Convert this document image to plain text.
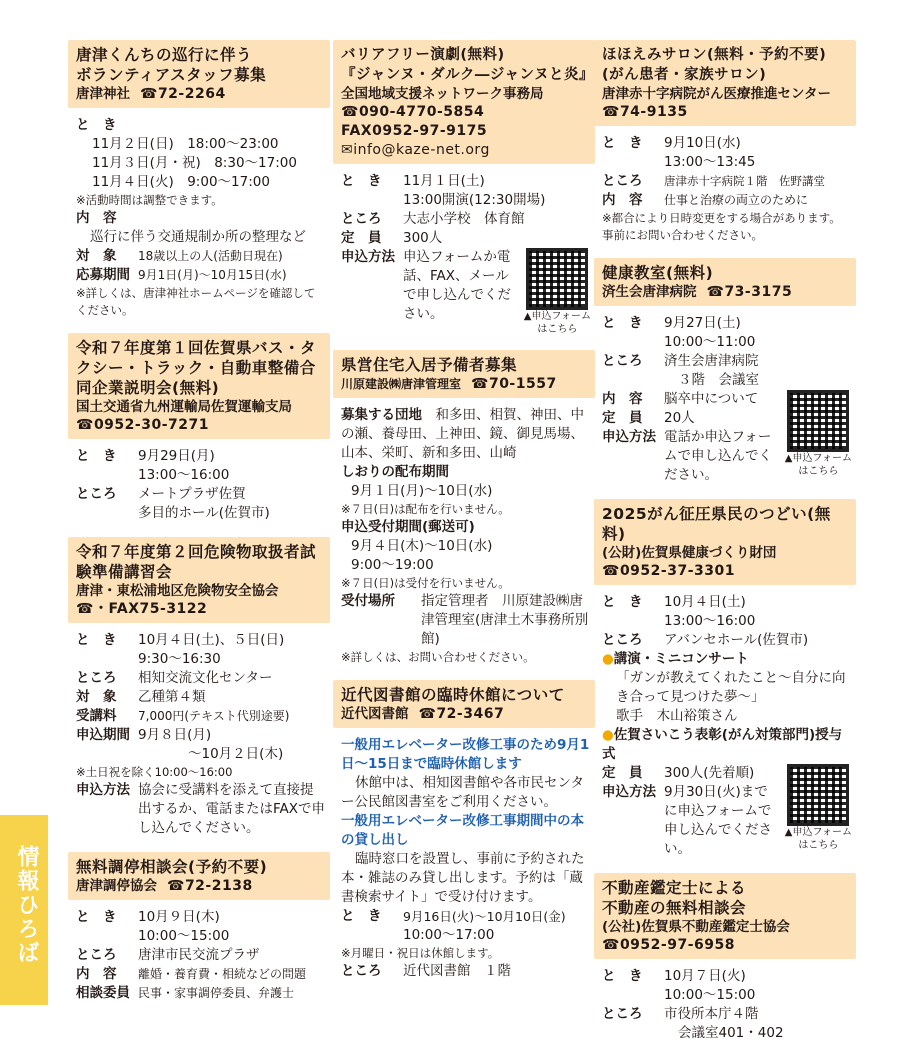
情報ひろば
唐津くんちの巡行に伴う
ボランティアスタッフ募集
唐津神社 ☎72-2264
と　き
11月２日(日)　18:00～23:00
11月３日(月・祝)　8:30～17:00
11月４日(火)　9:00～17:00
※活動時間は調整できます。
内　容
巡行に伴う交通規制か所の整理など
対　象	18歳以上の人(活動日現在)
応募期間 9月1日(月)～10月15日(水)
※詳しくは、唐津神社ホームページを確認してください。
令和７年度第１回佐賀県バス・タクシー・トラック・自動車整備合同企業説明会(無料)
国土交通省九州運輸局佐賀運輸支局
☎0952-30-7271
と　き	9月29日(月)
13:00～16:00
ところ	メートプラザ佐賀
多目的ホール(佐賀市)
令和７年度第２回危険物取扱者試験準備講習会
唐津・東松浦地区危険物安全協会
☎・FAX75-3122
と　き	10月４日(土)、５日(日)
9:30～16:30
ところ	相知交流文化センター
対　象	乙種第４類
受講料	7,000円(テキスト代別途要)
申込期間 9月８日(月)
～10月２日(木)
※土日祝を除く10:00～16:00
申込方法 協会に受講料を添えて直接提出するか、電話またはFAXで申し込んでください。
無料調停相談会(予約不要)
唐津調停協会 ☎72-2138
と　き	10月９日(木)
10:00～15:00
ところ	唐津市民交流プラザ
内　容	離婚・養育費・相続などの問題
相談委員 民事・家事調停委員、弁護士
バリアフリー演劇(無料)
『ジャンヌ・ダルク―ジャンヌと炎』
全国地域支援ネットワーク事務局
☎090-4770-5854
FAX0952-97-9175
✉info@kaze-net.org
と　き	11月１日(土)
13:00開演(12:30開場)
ところ	大志小学校　体育館
定　員	300人
申込方法 申込フォームか電話、FAX、メールで申し込んでください。	▲申込フォーム
はこちら
県営住宅入居予備者募集
川原建設㈱唐津管理室 ☎70-1557
募集する団地　 和多田、相賀、神田、中の瀬、養母田、上神田、鏡、御見馬場、山本、栄町、新和多田、山崎
しおりの配布期間
9月１日(月)～10日(水)
※７日(日)は配布を行いません。
申込受付期間(郵送可)
9月４日(木)～10日(水)
9:00～19:00
※７日(日)は受付を行いません。
受付場所	指定管理者　川原建設㈱唐津管理室(唐津土木事務所別館)
※詳しくは、お問い合わせください。
近代図書館の臨時休館について
近代図書館 ☎72-3467
一般用エレベーター改修工事のため9月1日～15日まで臨時休館します
休館中は、相知図書館や各市民センター公民館図書室をご利用ください。
一般用エレベーター改修工事期間中の本の貸し出し
臨時窓口を設置し、事前に予約された本・雑誌のみ貸し出します。予約は「蔵書検索サイト」で受け付けます。
と　き	9月16日(火)～10月10日(金)
10:00～17:00
※月曜日・祝日は休館します。
ところ	近代図書館　１階
ほほえみサロン(無料・予約不要)
(がん患者・家族サロン)
唐津赤十字病院がん医療推進センター
☎74-9135
と　き	9月10日(水)
13:00～13:45
ところ	唐津赤十字病院１階　佐野講堂
内　容	仕事と治療の両立のために
※都合により日時変更をする場合があります。事前にお問い合わせください。
健康教室(無料)
済生会唐津病院 ☎73-3175
と　き	9月27日(土)
10:00～11:00
ところ	済生会唐津病院
３階　会議室
内　容	脳卒中について
定　員	20人
申込方法 電話か申込フォームで申し込んでください。
▲申込フォーム
はこちら
2025がん征圧県民のつどい(無料)
(公財)佐賀県健康づくり財団
☎0952-37-3301
と　き	10月４日(土)
13:00～16:00
ところ	アバンセホール(佐賀市)
●講演・ミニコンサート
「ガンが教えてくれたこと～自分に向き合って見つけた夢～」
歌手　木山裕策さん
●佐賀さいこう表彰(がん対策部門)授与式
定　員	300人(先着順)
申込方法 9月30日(火)までに申込フォームで申し込んでください。
▲申込フォーム
はこちら
不動産鑑定士による
不動産の無料相談会
(公社)佐賀県不動産鑑定士協会
☎0952-97-6958
と　き	10月７日(火)
10:00～15:00
ところ	市役所本庁４階
会議室401・402
